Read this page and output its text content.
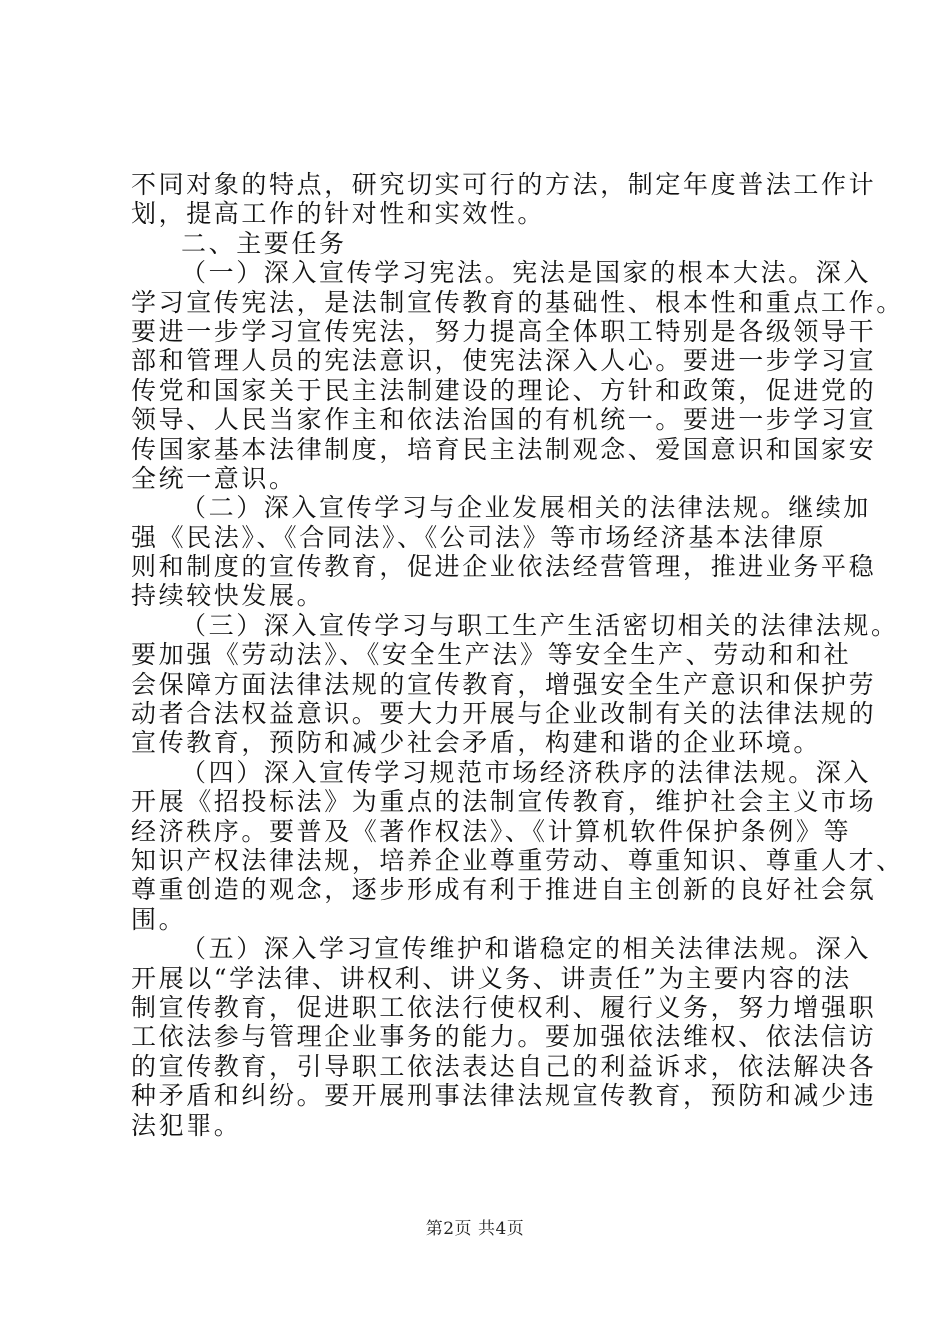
不同对象的特点，研究切实可行的方法，制定年度普法工作计
划，提高工作的针对性和实效性。
二、主要任务
（一）深入宣传学习宪法。宪法是国家的根本大法。深入
学习宣传宪法，是法制宣传教育的基础性、根本性和重点工作。
要进一步学习宣传宪法，努力提高全体职工特别是各级领导干
部和管理人员的宪法意识，使宪法深入人心。要进一步学习宣
传党和国家关于民主法制建设的理论、方针和政策，促进党的
领导、人民当家作主和依法治国的有机统一。要进一步学习宣
传国家基本法律制度，培育民主法制观念、爱国意识和国家安
全统一意识。
（二）深入宣传学习与企业发展相关的法律法规。继续加
强《民法》、《合同法》、《公司法》等市场经济基本法律原
则和制度的宣传教育，促进企业依法经营管理，推进业务平稳
持续较快发展。
（三）深入宣传学习与职工生产生活密切相关的法律法规。
要加强《劳动法》、《安全生产法》等安全生产、劳动和和社
会保障方面法律法规的宣传教育，增强安全生产意识和保护劳
动者合法权益意识。要大力开展与企业改制有关的法律法规的
宣传教育，预防和减少社会矛盾，构建和谐的企业环境。
（四）深入宣传学习规范市场经济秩序的法律法规。深入
开展《招投标法》为重点的法制宣传教育，维护社会主义市场
经济秩序。要普及《著作权法》、《计算机软件保护条例》等
知识产权法律法规，培养企业尊重劳动、尊重知识、尊重人才、
尊重创造的观念，逐步形成有利于推进自主创新的良好社会氛
围。
（五）深入学习宣传维护和谐稳定的相关法律法规。深入
开展以“学法律、讲权利、讲义务、讲责任”为主要内容的法
制宣传教育，促进职工依法行使权利、履行义务，努力增强职
工依法参与管理企业事务的能力。要加强依法维权、依法信访
的宣传教育，引导职工依法表达自己的利益诉求，依法解决各
种矛盾和纠纷。要开展刑事法律法规宣传教育，预防和减少违
法犯罪。
第2页 共4页
